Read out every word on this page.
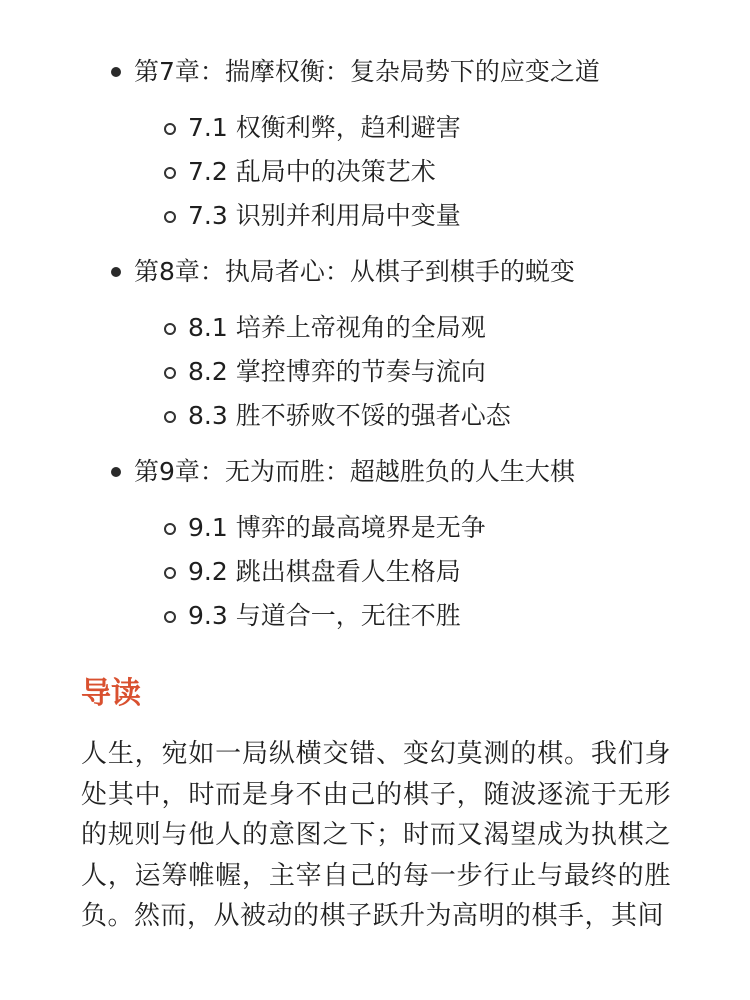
第7章：揣摩权衡：复杂局势下的应变之道
7.1 权衡利弊，趋利避害
7.2 乱局中的决策艺术
7.3 识别并利用局中变量
第8章：执局者心：从棋子到棋手的蜕变
8.1 培养上帝视角的全局观
8.2 掌控博弈的节奏与流向
8.3 胜不骄败不馁的强者心态
第9章：无为而胜：超越胜负的人生大棋
9.1 博弈的最高境界是无争
9.2 跳出棋盘看人生格局
9.3 与道合一，无往不胜
导读

人生，宛如一局纵横交错、变幻莫测的棋。我们身处其中，时而是身不由己的棋子，随波逐流于无形的规则与他人的意图之下；时而又渴望成为执棋之人，运筹帷幄，主宰自己的每一步行止与最终的胜负。然而，从被动的棋子跃升为高明的棋手，其间
